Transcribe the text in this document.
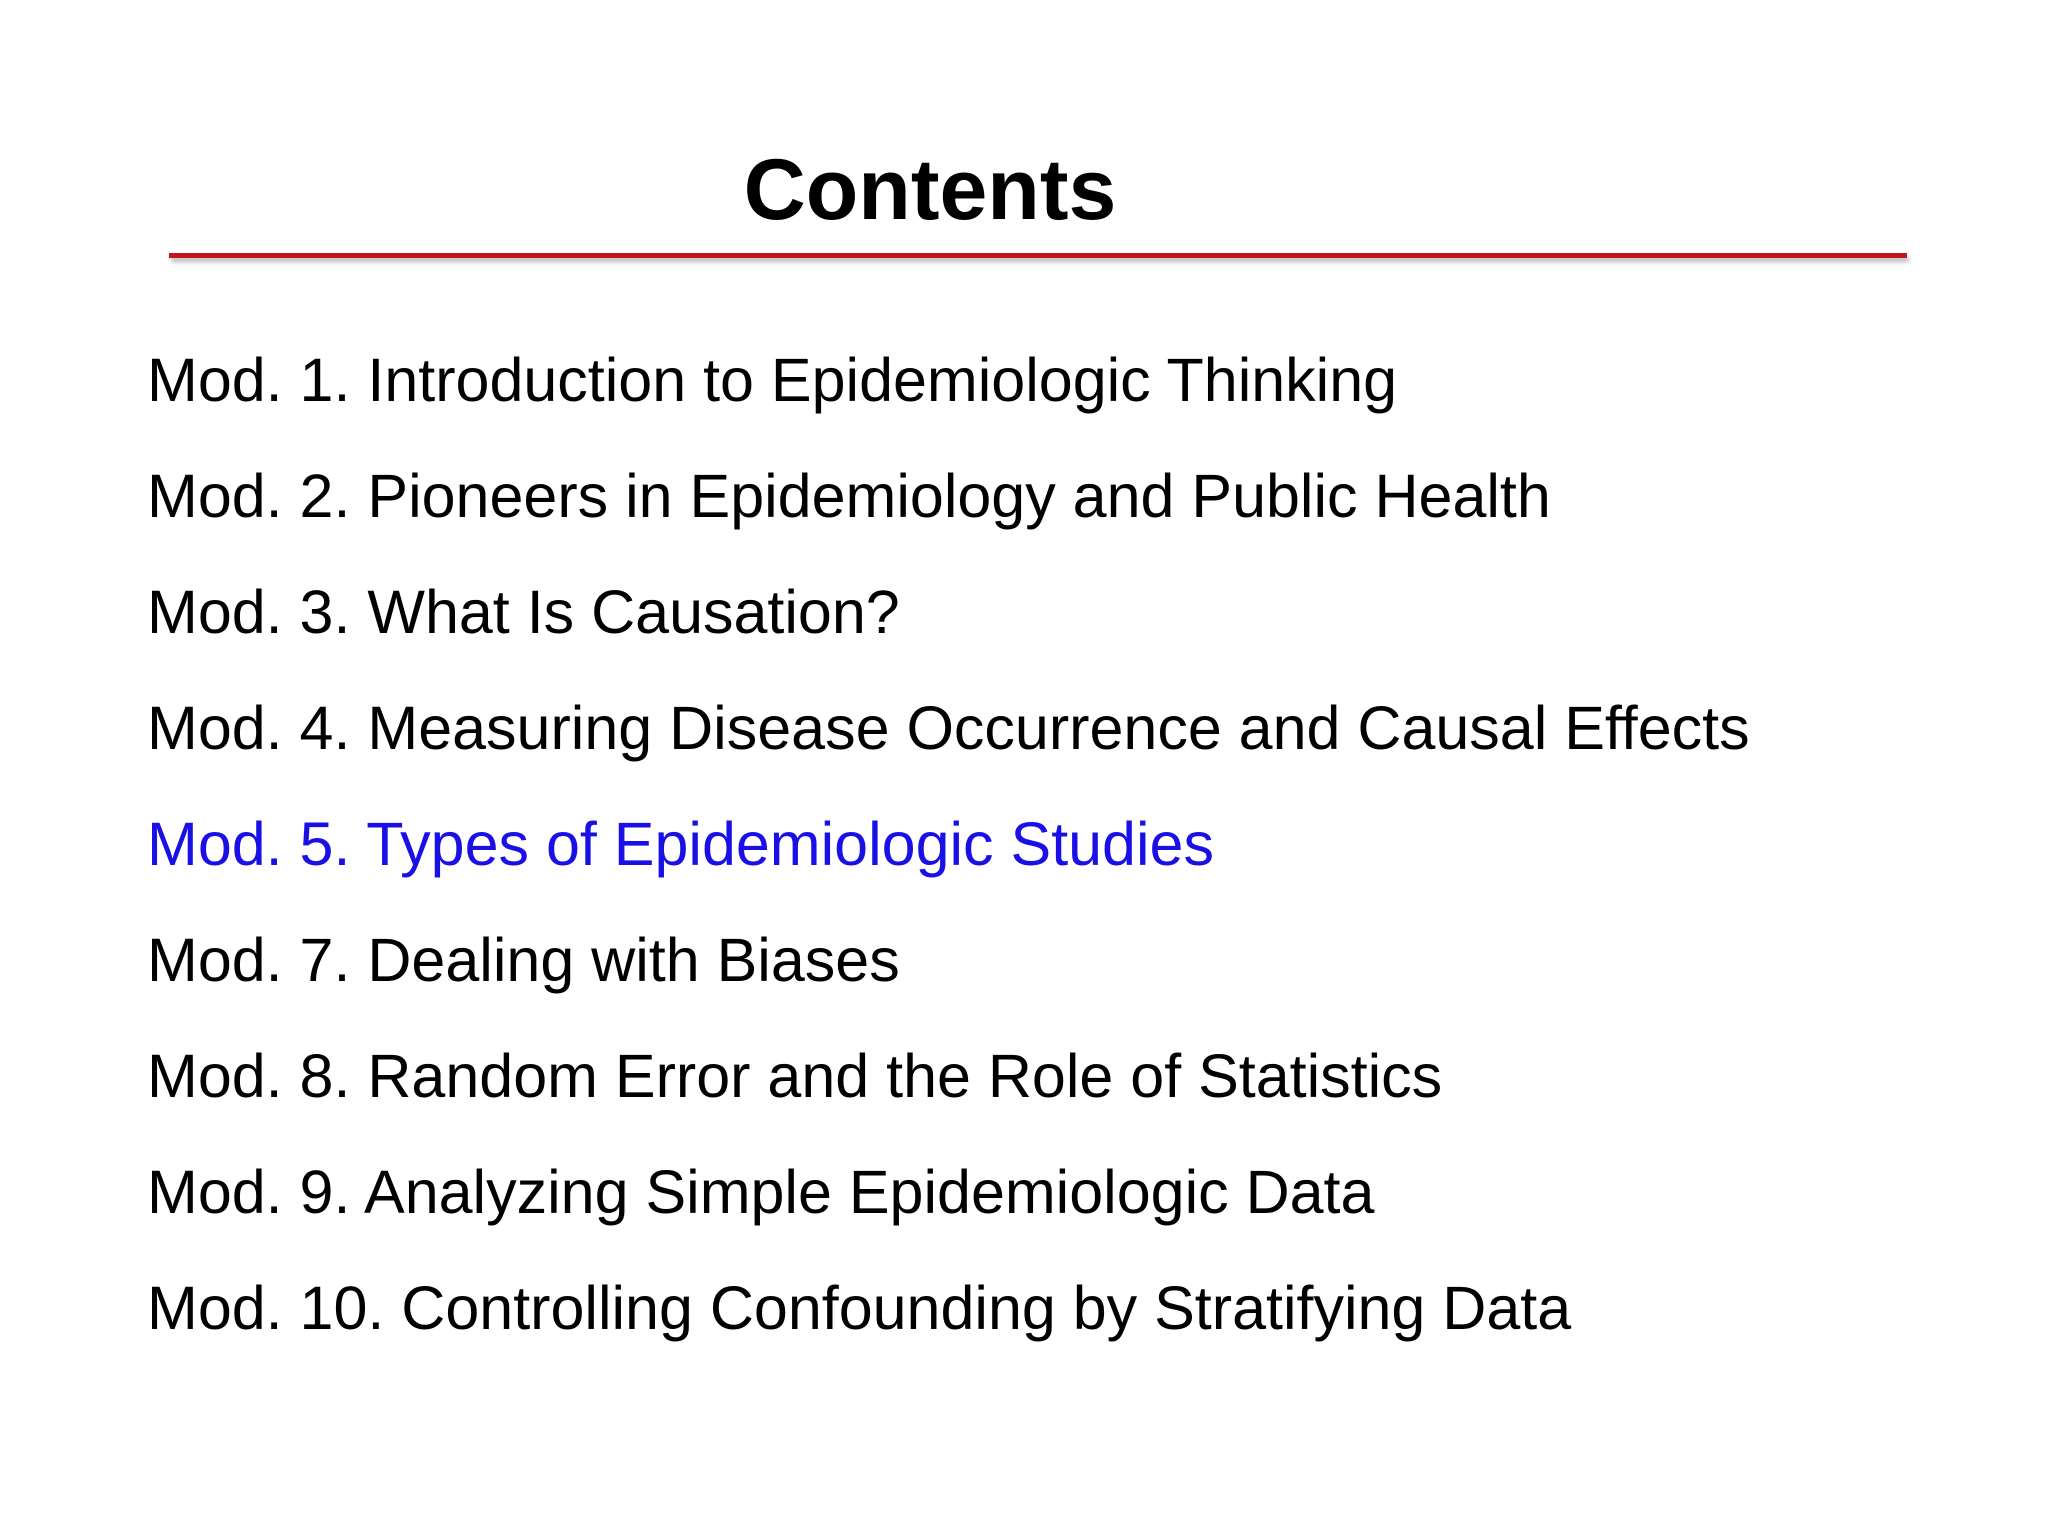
Contents
Mod. 1. Introduction to Epidemiologic Thinking
Mod. 2. Pioneers in Epidemiology and Public Health
Mod. 3. What Is Causation?
Mod. 4. Measuring Disease Occurrence and Causal Effects
Mod. 5. Types of Epidemiologic Studies
Mod. 7. Dealing with Biases
Mod. 8. Random Error and the Role of Statistics
Mod. 9. Analyzing Simple Epidemiologic Data
Mod. 10. Controlling Confounding by Stratifying Data
